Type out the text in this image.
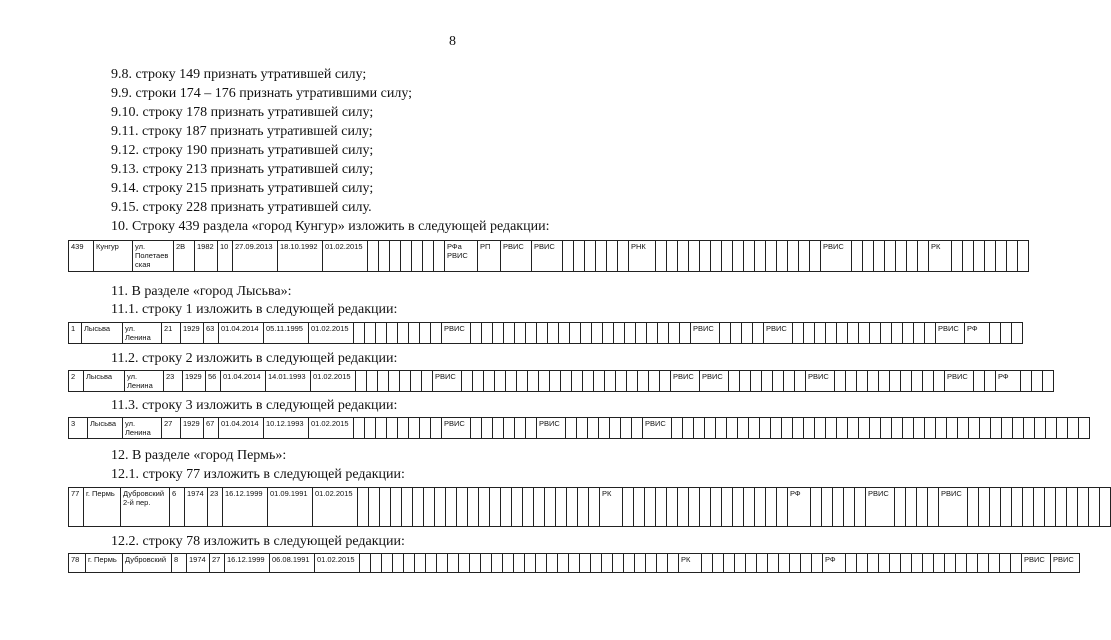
8
9.8. строку 149 признать утратившей силу;
9.9. строки 174 – 176 признать утратившими силу;
9.10. строку 178 признать утратившей силу;
9.11. строку 187 признать утратившей силу;
9.12. строку 190 признать утратившей силу;
9.13. строку 213 признать утратившей силу;
9.14. строку 215 признать утратившей силу;
9.15. строку 228 признать утратившей силу.
10. Строку 439 раздела «город Кунгур» изложить в следующей редакции:
439	Кунгур	ул. Полетаевская	2В	1982	10	27.09.2013	18.10.1992	01.02.2015								РФа РВИС	РП	РВИС	РВИС							РНК																РВИС								РК							
11. В разделе «город Лысьва»:
11.1. строку 1 изложить в следующей редакции:
1	Лысьва	ул. Ленина	21	1929	63	01.04.2014	05.11.1995	01.02.2015									РВИС																					РВИС					РВИС														РВИС	РФ			
11.2. строку 2 изложить в следующей редакции:
2	Лысьва	ул. Ленина	23	1929	56	01.04.2014	14.01.1993	01.02.2015								РВИС																				РВИС	РВИС								РВИС											РВИС			РФ			
11.3. строку 3 изложить в следующей редакции:
3	Лысьва	ул. Ленина	27	1929	67	01.04.2014	10.12.1993	01.02.2015									РВИС							РВИС								РВИС																																						
12. В разделе «город Пермь»:
12.1. строку 77 изложить в следующей редакции:
77	г. Пермь	Дубровский 2-й пер.	6	1974	23	16.12.1999	01.09.1991	01.02.2015																							РК																РФ						РВИС					РВИС													
12.2. строку 78 изложить в следующей редакции:
78	г. Пермь	Дубровский	8	1974	27	16.12.1999	06.08.1991	01.02.2015																														РК												РФ																	РВИС	РВИС
